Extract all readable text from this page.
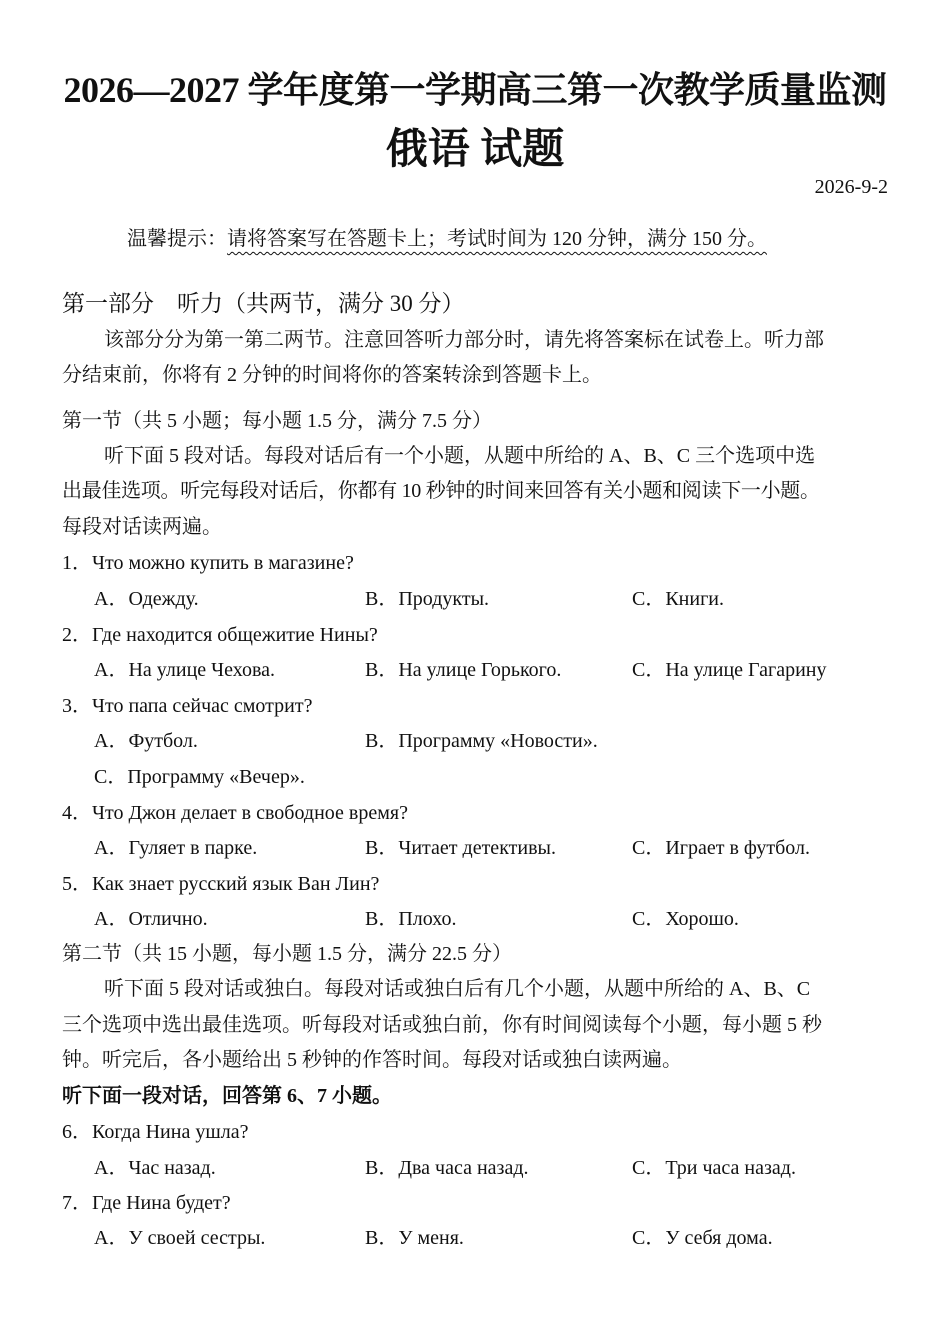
2026—2027 学年度第一学期高三第一次教学质量监测
俄语 试题
2026-9-2
温馨提示：请将答案写在答题卡上；考试时间为 120 分钟，满分 150 分。
第一部分　听力（共两节，满分 30 分）
该部分分为第一第二两节。注意回答听力部分时，请先将答案标在试卷上。听力部
分结束前，你将有 2 分钟的时间将你的答案转涂到答题卡上。
第一节（共 5 小题；每小题 1.5 分，满分 7.5 分）
听下面 5 段对话。每段对话后有一个小题，从题中所给的 A、B、C 三个选项中选
出最佳选项。听完每段对话后，你都有 10 秒钟的时间来回答有关小题和阅读下一小题。
每段对话读两遍。
1．Что можно купить в магазине?
A．Одежду.	B．Продукты.	C．Книги.
2．Где находится общежитие Нины?
A．На улице Чехова.	B．На улице Горького.	C．На улице Гагарину
3．Что папа сейчас смотрит?
A．Футбол.	B．Программу «Новости».
C．Программу «Вечер».
4．Что Джон делает в свободное время?
A．Гуляет в парке.	B．Читает детективы.	C．Играет в футбол.
5．Как знает русский язык Ван Лин?
A．Отлично.	B．Плохо.	C．Хорошо.
第二节（共 15 小题，每小题 1.5 分，满分 22.5 分）
听下面 5 段对话或独白。每段对话或独白后有几个小题，从题中所给的 A、B、C
三个选项中选出最佳选项。听每段对话或独白前，你有时间阅读每个小题，每小题 5 秒
钟。听完后，各小题给出 5 秒钟的作答时间。每段对话或独白读两遍。
听下面一段对话，回答第 6、7 小题。
6．Когда Нина ушла?
A．Час назад.	B．Два часа назад.	C．Три часа назад.
7．Где Нина будет?
A．У своей сестры.	B．У меня.	C．У себя дома.
